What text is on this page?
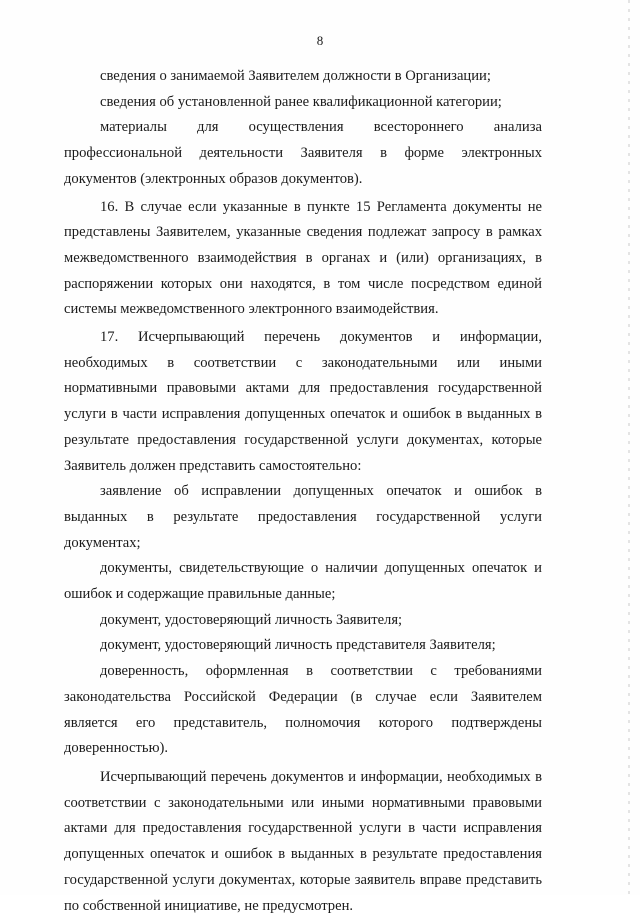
8

сведения о занимаемой Заявителем должности в Организации;

сведения об установленной ранее квалификационной категории;

материалы для осуществления всестороннего анализа профессиональной деятельности Заявителя в форме электронных документов (электронных образов документов).

16. В случае если указанные в пункте 15 Регламента документы не представлены Заявителем, указанные сведения подлежат запросу в рамках межведомственного взаимодействия в органах и (или) организациях, в распоряжении которых они находятся, в том числе посредством единой системы межведомственного электронного взаимодействия.

17. Исчерпывающий перечень документов и информации, необходимых в соответствии с законодательными или иными нормативными правовыми актами для предоставления государственной услуги в части исправления допущенных опечаток и ошибок в выданных в результате предоставления государственной услуги документах, которые Заявитель должен представить самостоятельно:

заявление об исправлении допущенных опечаток и ошибок в выданных в результате предоставления государственной услуги документах;

документы, свидетельствующие о наличии допущенных опечаток и ошибок и содержащие правильные данные;

документ, удостоверяющий личность Заявителя;

документ, удостоверяющий личность представителя Заявителя;

доверенность, оформленная в соответствии с требованиями законодательства Российской Федерации (в случае если Заявителем является его представитель, полномочия которого подтверждены доверенностью).

Исчерпывающий перечень документов и информации, необходимых в соответствии с законодательными или иными нормативными правовыми актами для предоставления государственной услуги в части исправления допущенных опечаток и ошибок в выданных в результате предоставления государственной услуги документах, которые заявитель вправе представить по собственной инициативе, не предусмотрен.
